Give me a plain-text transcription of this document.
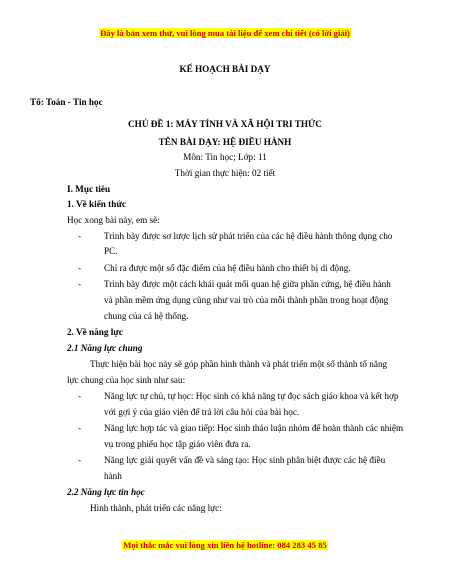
Đây là bản xem thử, vui lòng mua tài liệu để xem chi tiết (có lời giải)
KẾ HOẠCH BÀI DẠY
Tổ: Toán - Tin học
CHỦ ĐỀ 1: MÁY TÍNH VÀ XÃ HỘI TRI THỨC
TÊN BÀI DẠY: HỆ ĐIỀU HÀNH
Môn: Tin học; Lớp: 11
Thời gian thực hiện: 02 tiết
I. Mục tiêu
1. Về kiến thức
Học xong bài này, em sẽ:
- Trình bày được sơ lược lịch sử phát triển của các hệ điều hành thông dụng cho
PC.
- Chỉ ra được một số đặc điểm của hệ điều hành cho thiết bị di động.
- Trình bày được một cách khái quát mối quan hệ giữa phần cứng, hệ điều hành
và phần mềm ứng dụng cũng như vai trò của mỗi thành phần trong hoạt động
chung của cả hệ thống.
2. Về năng lực
2.1 Năng lực chung
Thực hiện bài học này sẽ góp phần hình thành và phát triển một số thành tố năng
lực chung của học sinh như sau:
- Năng lực tự chủ, tự học: Học sinh có khả năng tự đọc sách giáo khoa và kết hợp
với gợi ý của giáo viên để trả lời câu hỏi của bài học.
- Năng lực hợp tác và giao tiếp: Học sinh thảo luận nhóm để hoàn thành các nhiệm
vụ trong phiếu học tập giáo viên đưa ra.
- Năng lực giải quyết vấn đề và sáng tạo: Học sinh phân biệt được các hệ điều
hành
2.2 Năng lực tin học
Hình thành, phát triển các năng lực:
Mọi thắc mắc vui lòng xin liên hệ hotline: 084 283 45 85
